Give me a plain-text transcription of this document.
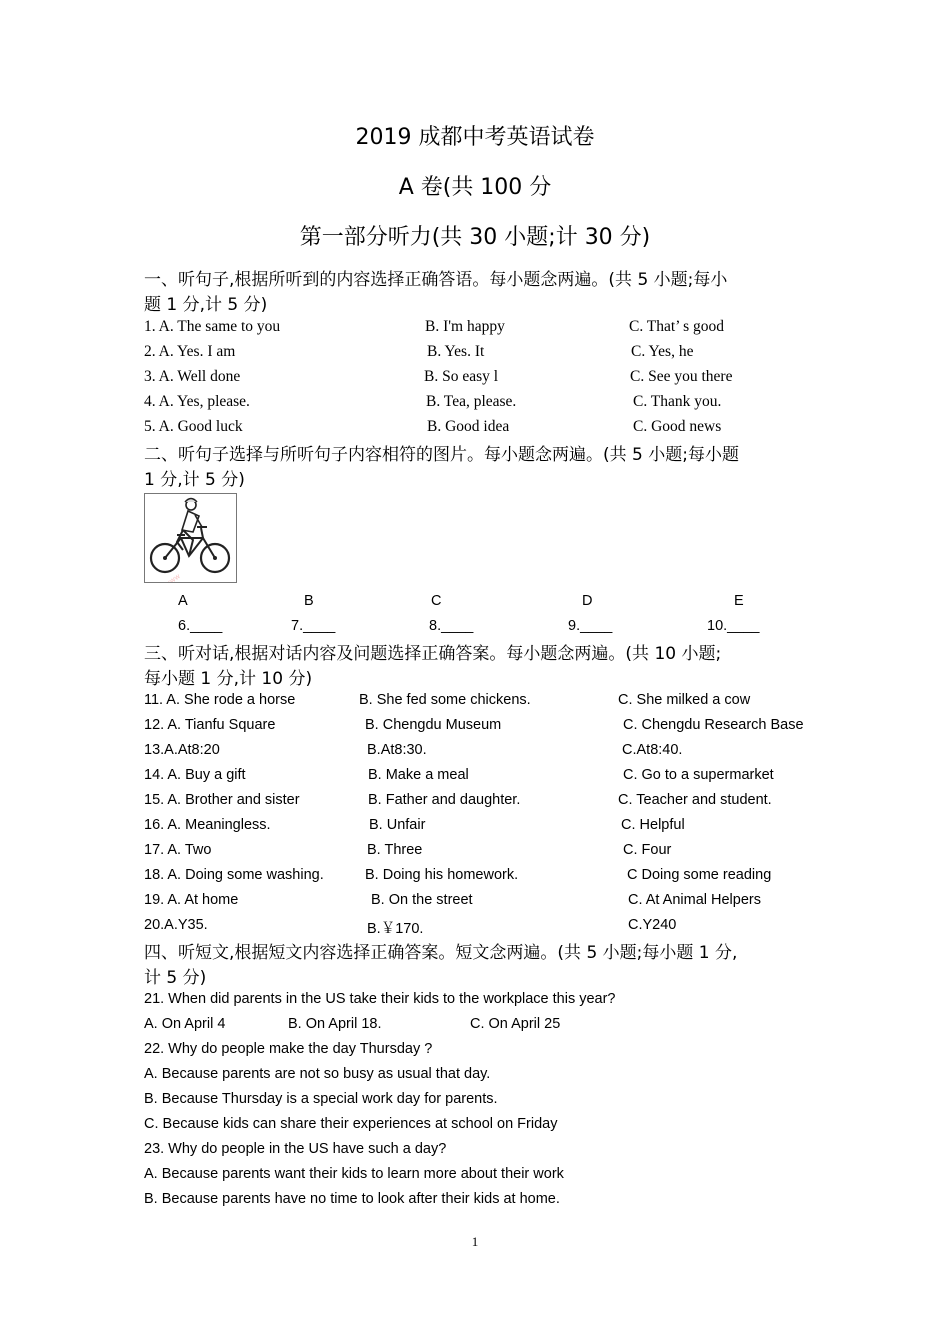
2019 成都中考英语试卷
A 卷(共 100 分
第一部分听力(共 30 小题;计 30 分)
一、听句子,根据所听到的内容选择正确答语。每小题念两遍。(共 5 小题;每小
题 1 分,计 5 分)
1. A. The same to you	B. I'm happy	C. That’ s good
2. A. Yes. I am	B. Yes. It	C. Yes, he
3. A. Well done	B. So easy l	C. See you there
4. A. Yes, please.	B. Tea, please.	C. Thank you.
5. A. Good luck	B. Good idea	C. Good news
二、听句子选择与所听句子内容相符的图片。每小题念两遍。(共 5 小题;每小题
1 分,计 5 分)
www
A	B	C	D	E
6.____	7.____	8.____	9.____	10.____
三、听对话,根据对话内容及问题选择正确答案。每小题念两遍。(共 10 小题;
每小题 1 分,计 10 分)
11. A. She rode a horse	B. She fed some chickens.	C. She milked a cow
12. A. Tianfu Square	B. Chengdu Museum	C. Chengdu Research Base
13.A.At8:20	B.At8:30.	C.At8:40.
14. A. Buy a gift	B. Make a meal	C. Go to a supermarket
15. A. Brother and sister	B. Father and daughter.	C. Teacher and student.
16. A. Meaningless.	B. Unfair	C. Helpful
17. A. Two	B. Three	C. Four
18. A. Doing some washing.	B. Doing his homework.	C Doing some reading
19. A. At home	B. On the street	C. At Animal Helpers
20.A.Y35.	B.￥170.	C.Y240
四、听短文,根据短文内容选择正确答案。短文念两遍。(共 5 小题;每小题 1 分,
计 5 分)
21. When did parents in the US take their kids to the workplace this year?
A. On April 4	B. On April 18.	C. On April 25
22. Why do people make the day Thursday ?
A. Because parents are not so busy as usual that day.
B. Because Thursday is a special work day for parents.
C. Because kids can share their experiences at school on Friday
23. Why do people in the US have such a day?
A. Because parents want their kids to learn more about their work
B. Because parents have no time to look after their kids at home.
1
